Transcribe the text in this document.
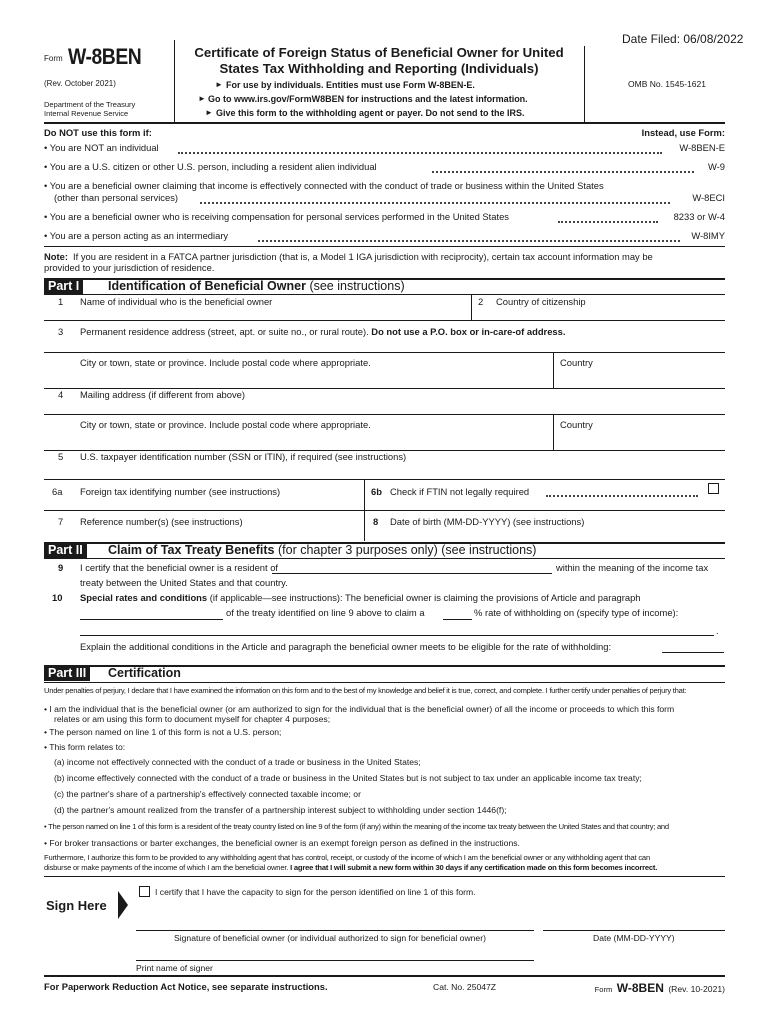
Date Filed: 06/08/2022
Form W-8BEN
(Rev. October 2021)
Department of the Treasury
Internal Revenue Service
Certificate of Foreign Status of Beneficial Owner for United
States Tax Withholding and Reporting (Individuals)
► For use by individuals. Entities must use Form W-8BEN-E.
► Go to www.irs.gov/FormW8BEN for instructions and the latest information.
► Give this form to the withholding agent or payer. Do not send to the IRS.
OMB No. 1545-1621
Do NOT use this form if:	Instead, use Form:
• You are NOT an individual	W-8BEN-E
• You are a U.S. citizen or other U.S. person, including a resident alien individual	W-9
• You are a beneficial owner claiming that income is effectively connected with the conduct of trade or business within the United States
(other than personal services)	W-8ECI
• You are a beneficial owner who is receiving compensation for personal services performed in the United States	8233 or W-4
• You are a person acting as an intermediary	W-8IMY
Note: If you are resident in a FATCA partner jurisdiction (that is, a Model 1 IGA jurisdiction with reciprocity), certain tax account information may be
provided to your jurisdiction of residence.
Part I	Identification of Beneficial Owner (see instructions)
1 Name of individual who is the beneficial owner	2 Country of citizenship
3 Permanent residence address (street, apt. or suite no., or rural route). Do not use a P.O. box or in-care-of address.
City or town, state or province. Include postal code where appropriate.	Country
4 Mailing address (if different from above)
City or town, state or province. Include postal code where appropriate.	Country
5 U.S. taxpayer identification number (SSN or ITIN), if required (see instructions)
6a Foreign tax identifying number (see instructions)	6b Check if FTIN not legally required
7 Reference number(s) (see instructions)	8 Date of birth (MM-DD-YYYY) (see instructions)
Part II	Claim of Tax Treaty Benefits (for chapter 3 purposes only) (see instructions)
9 I certify that the beneficial owner is a resident of	within the meaning of the income tax
treaty between the United States and that country.
10 Special rates and conditions (if applicable—see instructions): The beneficial owner is claiming the provisions of Article and paragraph
of the treaty identified on line 9 above to claim a	% rate of withholding on (specify type of income):
.
Explain the additional conditions in the Article and paragraph the beneficial owner meets to be eligible for the rate of withholding:
Part III	Certification
Under penalties of perjury, I declare that I have examined the information on this form and to the best of my knowledge and belief it is true, correct, and complete. I further certify under penalties of perjury that:
• I am the individual that is the beneficial owner (or am authorized to sign for the individual that is the beneficial owner) of all the income or proceeds to which this form
relates or am using this form to document myself for chapter 4 purposes;
• The person named on line 1 of this form is not a U.S. person;
• This form relates to:
(a) income not effectively connected with the conduct of a trade or business in the United States;
(b) income effectively connected with the conduct of a trade or business in the United States but is not subject to tax under an applicable income tax treaty;
(c) the partner's share of a partnership's effectively connected taxable income; or
(d) the partner's amount realized from the transfer of a partnership interest subject to withholding under section 1446(f);
• The person named on line 1 of this form is a resident of the treaty country listed on line 9 of the form (if any) within the meaning of the income tax treaty between the United States and that country; and
• For broker transactions or barter exchanges, the beneficial owner is an exempt foreign person as defined in the instructions.
Furthermore, I authorize this form to be provided to any withholding agent that has control, receipt, or custody of the income of which I am the beneficial owner or any withholding agent that can
disburse or make payments of the income of which I am the beneficial owner. I agree that I will submit a new form within 30 days if any certification made on this form becomes incorrect.
Sign Here
I certify that I have the capacity to sign for the person identified on line 1 of this form.
Signature of beneficial owner (or individual authorized to sign for beneficial owner)	Date (MM-DD-YYYY)
Print name of signer
For Paperwork Reduction Act Notice, see separate instructions.	Cat. No. 25047Z	Form W-8BEN (Rev. 10-2021)
